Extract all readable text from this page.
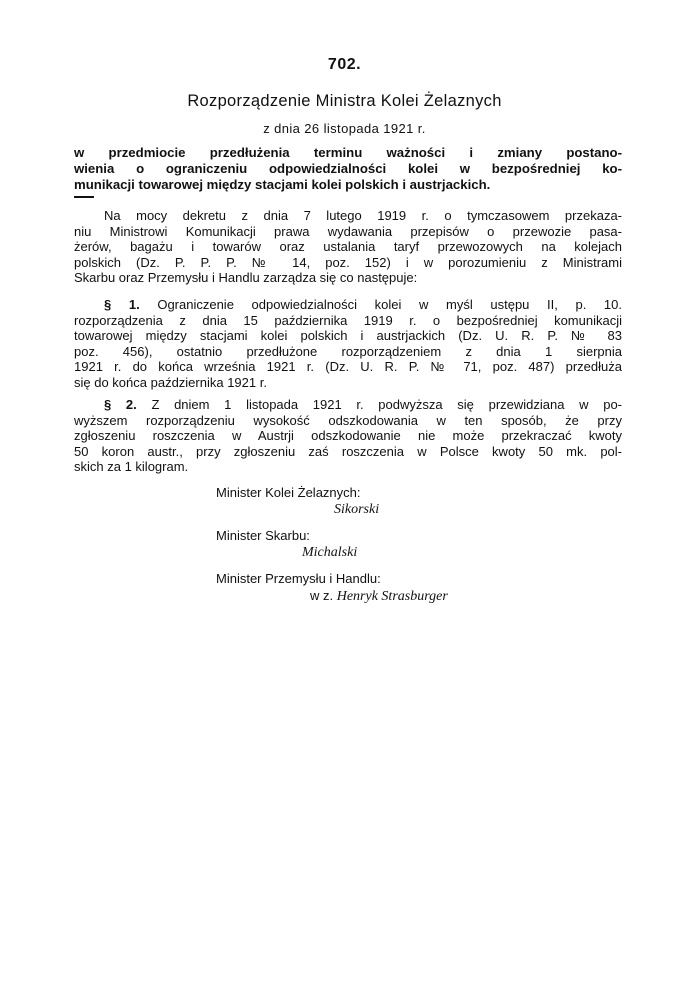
702.
Rozporządzenie Ministra Kolei Żelaznych
z dnia 26 listopada 1921 r.
w przedmiocie przedłużenia terminu ważności i zmiany postano-
wienia o ograniczeniu odpowiedzialności kolei w bezpośredniej ko-
munikacji towarowej między stacjami kolei polskich i austrjackich.
Na mocy dekretu z dnia 7 lutego 1919 r. o tymczasowem przekaza-
niu Ministrowi Komunikacji prawa wydawania przepisów o przewozie pasa-
żerów, bagażu i towarów oraz ustalania taryf przewozowych na kolejach
polskich (Dz. P. P. P. № 14, poz. 152) i w porozumieniu z Ministrami
Skarbu oraz Przemysłu i Handlu zarządza się co następuje:
§ 1. Ograniczenie odpowiedzialności kolei w myśl ustępu II, p. 10.
rozporządzenia z dnia 15 października 1919 r. o bezpośredniej komunikacji
towarowej między stacjami kolei polskich i austrjackich (Dz. U. R. P. № 83
poz. 456), ostatnio przedłużone rozporządzeniem z dnia 1 sierpnia
1921 r. do końca września 1921 r. (Dz. U. R. P. № 71, poz. 487) przedłuża
się do końca października 1921 r.
§ 2. Z dniem 1 listopada 1921 r. podwyższa się przewidziana w po-
wyższem rozporządzeniu wysokość odszkodowania w ten sposób, że przy
zgłoszeniu roszczenia w Austrji odszkodowanie nie może przekraczać kwoty
50 koron austr., przy zgłoszeniu zaś roszczenia w Polsce kwoty 50 mk. pol-
skich za 1 kilogram.
Minister Kolei Żelaznych:
Sikorski
Minister Skarbu:
Michalski
Minister Przemysłu i Handlu:
w z. Henryk Strasburger
